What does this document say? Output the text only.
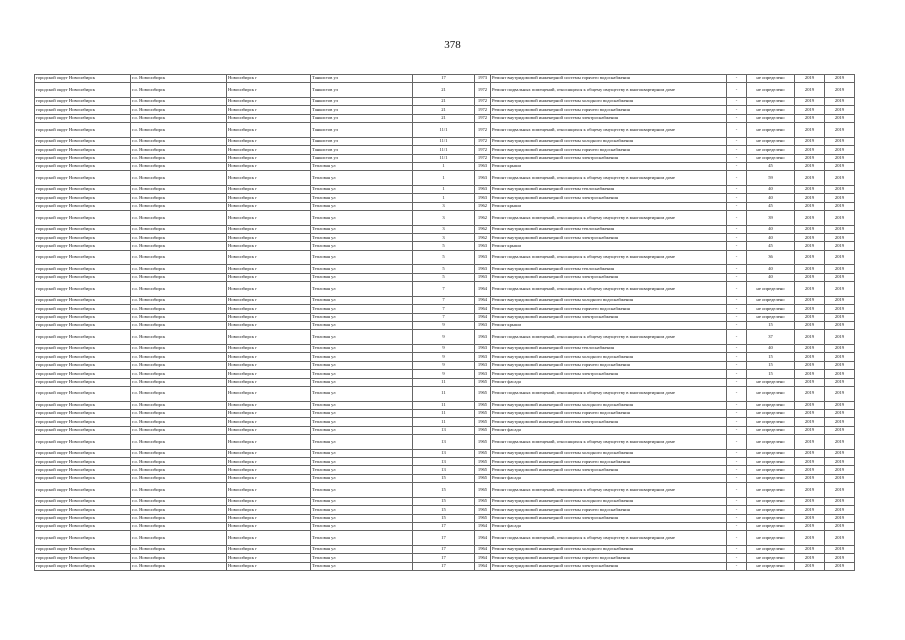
378
городской округ Новосибирск	г.о. Новосибирск	Новосибирск г	Танкистов ул	17	1973	Ремонт внутридомовой инженерной системы горячего водоснабжения	-	не определено	2019	2019
городской округ Новосибирск	г.о. Новосибирск	Новосибирск г	Танкистов ул	21	1972	Ремонт подвальных помещений, относящихся к общему имуществу в многоквартирном доме	-	не определено	2019	2019
городской округ Новосибирск	г.о. Новосибирск	Новосибирск г	Танкистов ул	21	1972	Ремонт внутридомовой инженерной системы холодного водоснабжения	-	не определено	2019	2019
городской округ Новосибирск	г.о. Новосибирск	Новосибирск г	Танкистов ул	21	1972	Ремонт внутридомовой инженерной системы горячего водоснабжения	-	не определено	2019	2019
городской округ Новосибирск	г.о. Новосибирск	Новосибирск г	Танкистов ул	21	1972	Ремонт внутридомовой инженерной системы электроснабжения	-	не определено	2019	2019
городской округ Новосибирск	г.о. Новосибирск	Новосибирск г	Танкистов ул	11/1	1972	Ремонт подвальных помещений, относящихся к общему имуществу в многоквартирном доме	-	не определено	2019	2019
городской округ Новосибирск	г.о. Новосибирск	Новосибирск г	Танкистов ул	11/1	1972	Ремонт внутридомовой инженерной системы холодного водоснабжения	-	не определено	2019	2019
городской округ Новосибирск	г.о. Новосибирск	Новосибирск г	Танкистов ул	11/1	1972	Ремонт внутридомовой инженерной системы горячего водоснабжения	-	не определено	2019	2019
городской округ Новосибирск	г.о. Новосибирск	Новосибирск г	Танкистов ул	11/1	1972	Ремонт внутридомовой инженерной системы электроснабжения	-	не определено	2019	2019
городской округ Новосибирск	г.о. Новосибирск	Новосибирск г	Тепловая ул	1	1963	Ремонт крыши	-	45	2019	2019
городской округ Новосибирск	г.о. Новосибирск	Новосибирск г	Тепловая ул	1	1963	Ремонт подвальных помещений, относящихся к общему имуществу в многоквартирном доме	-	59	2019	2019
городской округ Новосибирск	г.о. Новосибирск	Новосибирск г	Тепловая ул	1	1963	Ремонт внутридомовой инженерной системы теплоснабжения	-	40	2019	2019
городской округ Новосибирск	г.о. Новосибирск	Новосибирск г	Тепловая ул	1	1963	Ремонт внутридомовой инженерной системы электроснабжения	-	40	2019	2019
городской округ Новосибирск	г.о. Новосибирск	Новосибирск г	Тепловая ул	3	1962	Ремонт крыши	-	45	2019	2019
городской округ Новосибирск	г.о. Новосибирск	Новосибирск г	Тепловая ул	3	1962	Ремонт подвальных помещений, относящихся к общему имуществу в многоквартирном доме	-	39	2019	2019
городской округ Новосибирск	г.о. Новосибирск	Новосибирск г	Тепловая ул	3	1962	Ремонт внутридомовой инженерной системы теплоснабжения	-	40	2019	2019
городской округ Новосибирск	г.о. Новосибирск	Новосибирск г	Тепловая ул	3	1962	Ремонт внутридомовой инженерной системы электроснабжения	-	40	2019	2019
городской округ Новосибирск	г.о. Новосибирск	Новосибирск г	Тепловая ул	5	1963	Ремонт крыши	-	45	2019	2019
городской округ Новосибирск	г.о. Новосибирск	Новосибирск г	Тепловая ул	5	1963	Ремонт подвальных помещений, относящихся к общему имуществу в многоквартирном доме	-	36	2019	2019
городской округ Новосибирск	г.о. Новосибирск	Новосибирск г	Тепловая ул	5	1963	Ремонт внутридомовой инженерной системы теплоснабжения	-	40	2019	2019
городской округ Новосибирск	г.о. Новосибирск	Новосибирск г	Тепловая ул	5	1963	Ремонт внутридомовой инженерной системы электроснабжения	-	40	2019	2019
городской округ Новосибирск	г.о. Новосибирск	Новосибирск г	Тепловая ул	7	1964	Ремонт подвальных помещений, относящихся к общему имуществу в многоквартирном доме	-	не определено	2019	2019
городской округ Новосибирск	г.о. Новосибирск	Новосибирск г	Тепловая ул	7	1964	Ремонт внутридомовой инженерной системы холодного водоснабжения	-	не определено	2019	2019
городской округ Новосибирск	г.о. Новосибирск	Новосибирск г	Тепловая ул	7	1964	Ремонт внутридомовой инженерной системы горячего водоснабжения	-	не определено	2019	2019
городской округ Новосибирск	г.о. Новосибирск	Новосибирск г	Тепловая ул	7	1964	Ремонт внутридомовой инженерной системы электроснабжения	-	не определено	2019	2019
городской округ Новосибирск	г.о. Новосибирск	Новосибирск г	Тепловая ул	9	1963	Ремонт крыши	-	15	2019	2019
городской округ Новосибирск	г.о. Новосибирск	Новосибирск г	Тепловая ул	9	1963	Ремонт подвальных помещений, относящихся к общему имуществу в многоквартирном доме	-	37	2019	2019
городской округ Новосибирск	г.о. Новосибирск	Новосибирск г	Тепловая ул	9	1963	Ремонт внутридомовой инженерной системы теплоснабжения	-	40	2019	2019
городской округ Новосибирск	г.о. Новосибирск	Новосибирск г	Тепловая ул	9	1963	Ремонт внутридомовой инженерной системы холодного водоснабжения	-	15	2019	2019
городской округ Новосибирск	г.о. Новосибирск	Новосибирск г	Тепловая ул	9	1963	Ремонт внутридомовой инженерной системы горячего водоснабжения	-	15	2019	2019
городской округ Новосибирск	г.о. Новосибирск	Новосибирск г	Тепловая ул	9	1963	Ремонт внутридомовой инженерной системы электроснабжения	-	15	2019	2019
городской округ Новосибирск	г.о. Новосибирск	Новосибирск г	Тепловая ул	11	1965	Ремонт фасада	-	не определено	2019	2019
городской округ Новосибирск	г.о. Новосибирск	Новосибирск г	Тепловая ул	11	1965	Ремонт подвальных помещений, относящихся к общему имуществу в многоквартирном доме	-	не определено	2019	2019
городской округ Новосибирск	г.о. Новосибирск	Новосибирск г	Тепловая ул	11	1965	Ремонт внутридомовой инженерной системы холодного водоснабжения	-	не определено	2019	2019
городской округ Новосибирск	г.о. Новосибирск	Новосибирск г	Тепловая ул	11	1965	Ремонт внутридомовой инженерной системы горячего водоснабжения	-	не определено	2019	2019
городской округ Новосибирск	г.о. Новосибирск	Новосибирск г	Тепловая ул	11	1965	Ремонт внутридомовой инженерной системы электроснабжения	-	не определено	2019	2019
городской округ Новосибирск	г.о. Новосибирск	Новосибирск г	Тепловая ул	13	1965	Ремонт фасада	-	не определено	2019	2019
городской округ Новосибирск	г.о. Новосибирск	Новосибирск г	Тепловая ул	13	1965	Ремонт подвальных помещений, относящихся к общему имуществу в многоквартирном доме	-	не определено	2019	2019
городской округ Новосибирск	г.о. Новосибирск	Новосибирск г	Тепловая ул	13	1965	Ремонт внутридомовой инженерной системы холодного водоснабжения	-	не определено	2019	2019
городской округ Новосибирск	г.о. Новосибирск	Новосибирск г	Тепловая ул	13	1965	Ремонт внутридомовой инженерной системы горячего водоснабжения	-	не определено	2019	2019
городской округ Новосибирск	г.о. Новосибирск	Новосибирск г	Тепловая ул	13	1965	Ремонт внутридомовой инженерной системы электроснабжения	-	не определено	2019	2019
городской округ Новосибирск	г.о. Новосибирск	Новосибирск г	Тепловая ул	15	1965	Ремонт фасада	-	не определено	2019	2019
городской округ Новосибирск	г.о. Новосибирск	Новосибирск г	Тепловая ул	15	1965	Ремонт подвальных помещений, относящихся к общему имуществу в многоквартирном доме	-	не определено	2019	2019
городской округ Новосибирск	г.о. Новосибирск	Новосибирск г	Тепловая ул	15	1965	Ремонт внутридомовой инженерной системы холодного водоснабжения	-	не определено	2019	2019
городской округ Новосибирск	г.о. Новосибирск	Новосибирск г	Тепловая ул	15	1965	Ремонт внутридомовой инженерной системы горячего водоснабжения	-	не определено	2019	2019
городской округ Новосибирск	г.о. Новосибирск	Новосибирск г	Тепловая ул	15	1965	Ремонт внутридомовой инженерной системы электроснабжения	-	не определено	2019	2019
городской округ Новосибирск	г.о. Новосибирск	Новосибирск г	Тепловая ул	17	1964	Ремонт фасада	-	не определено	2019	2019
городской округ Новосибирск	г.о. Новосибирск	Новосибирск г	Тепловая ул	17	1964	Ремонт подвальных помещений, относящихся к общему имуществу в многоквартирном доме	-	не определено	2019	2019
городской округ Новосибирск	г.о. Новосибирск	Новосибирск г	Тепловая ул	17	1964	Ремонт внутридомовой инженерной системы холодного водоснабжения	-	не определено	2019	2019
городской округ Новосибирск	г.о. Новосибирск	Новосибирск г	Тепловая ул	17	1964	Ремонт внутридомовой инженерной системы горячего водоснабжения	-	не определено	2019	2019
городской округ Новосибирск	г.о. Новосибирск	Новосибирск г	Тепловая ул	17	1964	Ремонт внутридомовой инженерной системы электроснабжения	-	не определено	2019	2019
